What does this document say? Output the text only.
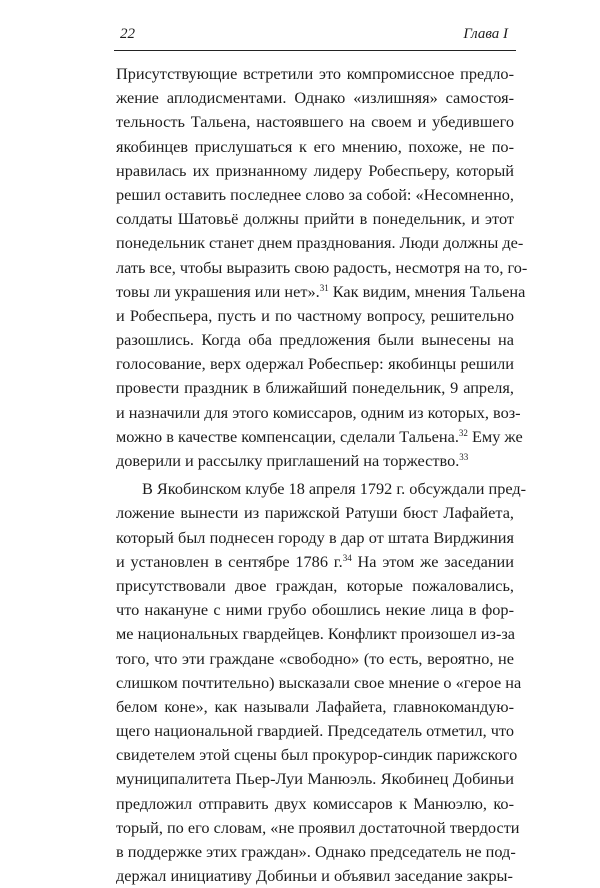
22	Глава I
Присутствующие встретили это компромиссное предло-
жение аплодисментами. Однако «излишняя» самостоя-
тельность Тальена, настоявшего на своем и убедившего
якобинцев прислушаться к его мнению, похоже, не по-
нравилась их признанному лидеру Робеспьеру, который
решил оставить последнее слово за собой: «Несомненно,
солдаты Шатовьё должны прийти в понедельник, и этот
понедельник станет днем празднования. Люди должны де-
лать все, чтобы выразить свою радость, несмотря на то, го-
товы ли украшения или нет».$^{31}$ Как видим, мнения Тальена
и Робеспьера, пусть и по частному вопросу, решительно
разошлись. Когда оба предложения были вынесены на
голосование, верх одержал Робеспьер: якобинцы решили
провести праздник в ближайший понедельник, 9 апреля,
и назначили для этого комиссаров, одним из которых, воз-
можно в качестве компенсации, сделали Тальена.$^{32}$ Ему же
доверили и рассылку приглашений на торжество.$^{33}$
В Якобинском клубе 18 апреля 1792 г. обсуждали пред-
ложение вынести из парижской Ратуши бюст Лафайета,
который был поднесен городу в дар от штата Вирджиния
и установлен в сентябре 1786 г.$^{34}$ На этом же заседании
присутствовали двое граждан, которые пожаловались,
что накануне с ними грубо обошлись некие лица в фор-
ме национальных гвардейцев. Конфликт произошел из-за
того, что эти граждане «свободно» (то есть, вероятно, не
слишком почтительно) высказали свое мнение о «герое на
белом коне», как называли Лафайета, главнокомандую-
щего национальной гвардией. Председатель отметил, что
свидетелем этой сцены был прокурор-синдик парижского
муниципалитета Пьер-Луи Манюэль. Якобинец Добиньи
предложил отправить двух комиссаров к Манюэлю, ко-
торый, по его словам, «не проявил достаточной твердости
в поддержке этих граждан». Однако председатель не под-
держал инициативу Добиньи и объявил заседание закры-
